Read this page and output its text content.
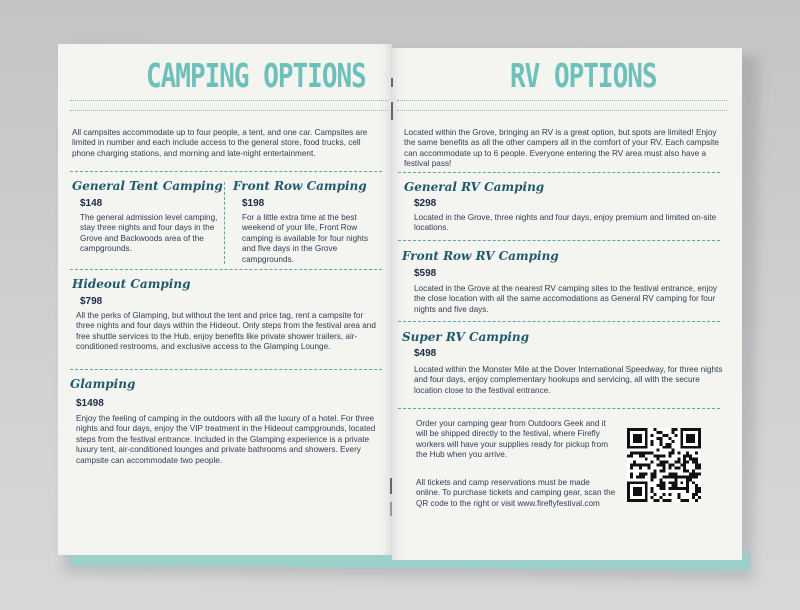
CAMPING OPTIONS
All campsites accommodate up to four people, a tent, and one car. Campsites are limited in number and each include access to the general store, food trucks, cell phone charging stations, and morning and late-night entertainment.
General Tent Camping
$148
The general admission level camping, stay three nights and four days in the Grove and Backwoods area of the campgrounds.
Front Row Camping
$198
For a little extra time at the best weekend of your life, Front Row camping is available for four nights and five days in the Grove campgrounds.
Hideout Camping
$798
All the perks of Glamping, but without the tent and price tag, rent a campsite for three nights and four days within the Hideout. Only steps from the festival area and free shuttle services to the Hub, enjoy benefits like private shower trailers, air-conditioned restrooms, and exclusive access to the Glamping Lounge.
Glamping
$1498
Enjoy the feeling of camping in the outdoors with all the luxury of a hotel. For three nights and four days, enjoy the VIP treatment in the Hideout campgrounds, located steps from the festival entrance. Included in the Glamping experience is a private luxury tent, air-conditioned lounges and private bathrooms and showers. Every campsite can accommodate two people.
RV OPTIONS
Located within the Grove, bringing an RV is a great option, but spots are limited! Enjoy the same benefits as all the other campers all in the comfort of your RV. Each campsite can accommodate up to 6 people. Everyone entering the RV area must also have a festival pass!
General RV Camping
$298
Located in the Grove, three nights and four days, enjoy premium and limited on-site locations.
Front Row RV Camping
$598
Located in the Grove at the nearest RV camping sites to the festival entrance, enjoy the close location with all the same accomodations as General RV camping for four nights and five days.
Super RV Camping
$498
Located within the Monster Mile at the Dover International Speedway, for three nights and four days, enjoy complementary hookups and servicing, all with the secure location close to the festival entrance.
Order your camping gear from Outdoors Geek and it will be shipped directly to the festival, where Firefly workers will have your supplies ready for pickup from the Hub when you arrive.
All tickets and camp reservations must be made online. To purchase tickets and camping gear, scan the QR code to the right or visit www.fireflyfestival.com
